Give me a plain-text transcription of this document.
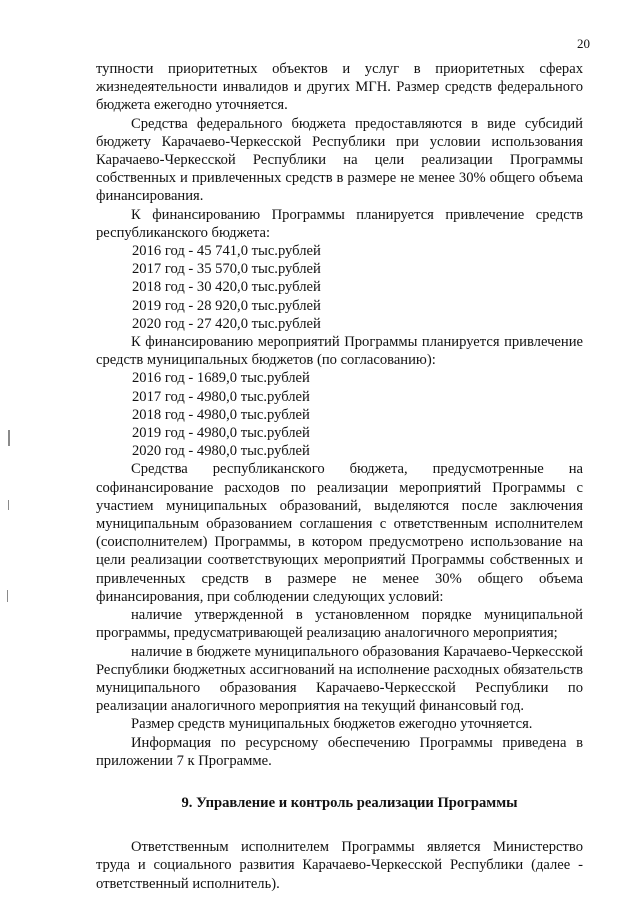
20

тупности приоритетных объектов и услуг в приоритетных сферах жизнедеятельности инвалидов и других МГН. Размер средств федерального бюджета ежегодно уточняется.

Средства федерального бюджета предоставляются в виде субсидий бюджету Карачаево-Черкесской Республики при условии использования Карачаево-Черкесской Республики на цели реализации Программы собственных и привлеченных средств в размере не менее 30% общего объема финансирования.

К финансированию Программы планируется привлечение средств республиканского бюджета:

2016 год - 45 741,0 тыс.рублей

2017 год - 35 570,0 тыс.рублей

2018 год - 30 420,0 тыс.рублей

2019 год - 28 920,0 тыс.рублей

2020 год - 27 420,0 тыс.рублей

К финансированию мероприятий Программы планируется привлечение средств муниципальных бюджетов (по согласованию):

2016 год - 1689,0 тыс.рублей

2017 год - 4980,0 тыс.рублей

2018 год - 4980,0 тыс.рублей

2019 год - 4980,0 тыс.рублей

2020 год - 4980,0 тыс.рублей

Средства республиканского бюджета, предусмотренные на софинансирование расходов по реализации мероприятий Программы с участием муниципальных образований, выделяются после заключения муниципальным образованием соглашения с ответственным исполнителем (соисполнителем) Программы, в котором предусмотрено использование на цели реализации соответствующих мероприятий Программы собственных и привлеченных средств в размере не менее 30% общего объема финансирования, при соблюдении следующих условий:

наличие утвержденной в установленном порядке муниципальной программы, предусматривающей реализацию аналогичного мероприятия;

наличие в бюджете муниципального образования Карачаево-Черкесской Республики бюджетных ассигнований на исполнение расходных обязательств муниципального образования Карачаево-Черкесской Республики по реализации аналогичного мероприятия на текущий финансовый год.

Размер средств муниципальных бюджетов ежегодно уточняется.

Информация по ресурсному обеспечению Программы приведена в приложении 7 к Программе.

9. Управление и контроль реализации Программы

Ответственным исполнителем Программы является Министерство труда и социального развития Карачаево-Черкесской Республики (далее - ответственный исполнитель).
